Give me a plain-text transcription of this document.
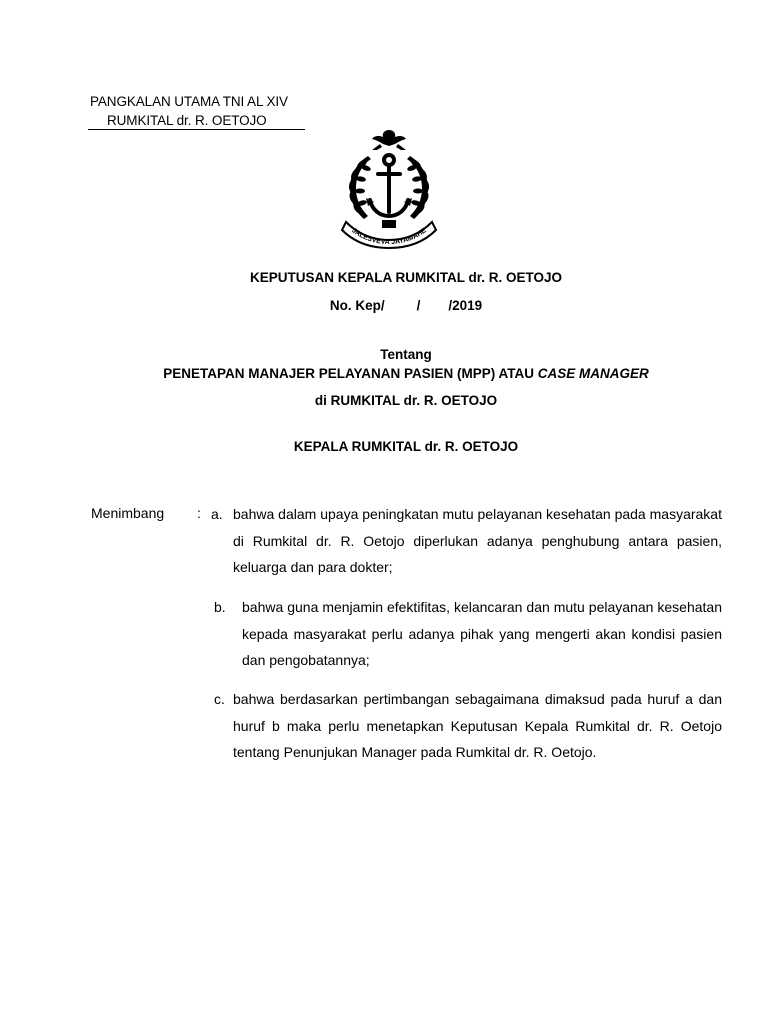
PANGKALAN UTAMA TNI AL XIV
RUMKITAL dr. R. OETOJO
JALESVEVA JAYAMAHE
KEPUTUSAN KEPALA RUMKITAL dr. R. OETOJO
No. Kep/ / /2019
Tentang
PENETAPAN MANAJER PELAYANAN PASIEN (MPP) ATAU CASE MANAGER
di RUMKITAL dr. R. OETOJO
KEPALA RUMKITAL dr. R. OETOJO
Menimbang : a. bahwa dalam upaya peningkatan mutu pelayanan kesehatan pada masyarakat di Rumkital dr. R. Oetojo diperlukan adanya penghubung antara pasien, keluarga dan para dokter;

b. bahwa guna menjamin efektifitas, kelancaran dan mutu pelayanan kesehatan kepada masyarakat perlu adanya pihak yang mengerti akan kondisi pasien dan pengobatannya;

c. bahwa berdasarkan pertimbangan sebagaimana dimaksud pada huruf a dan huruf b maka perlu menetapkan Keputusan Kepala Rumkital dr. R. Oetojo tentang Penunjukan Manager pada Rumkital dr. R. Oetojo.
